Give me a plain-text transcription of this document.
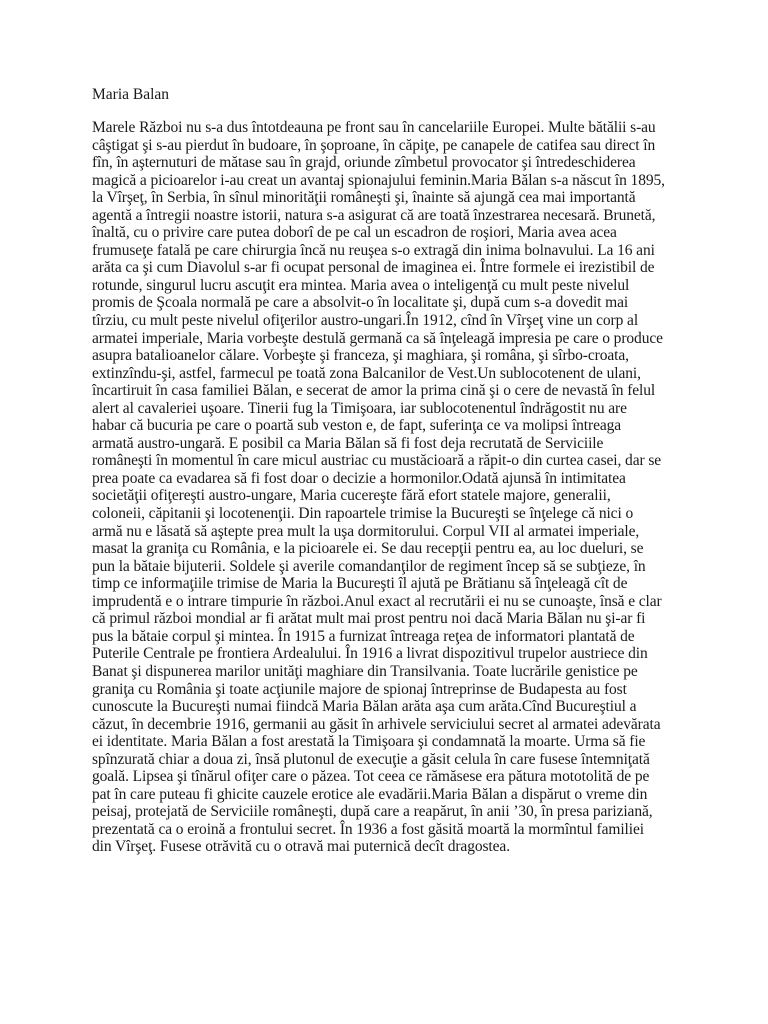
Maria Balan
Marele Război nu s-a dus întotdeauna pe front sau în cancelariile Europei. Multe bătălii s-au
câştigat şi s-au pierdut în budoare, în şoproane, în căpiţe, pe canapele de catifea sau direct în
fîn, în aşternuturi de mătase sau în grajd, oriunde zîmbetul provocator şi întredeschiderea
magică a picioarelor i-au creat un avantaj spionajului feminin.Maria Bălan s-a născut în 1895,
la Vîrşeţ, în Serbia, în sînul minorităţii româneşti şi, înainte să ajungă cea mai importantă
agentă a întregii noastre istorii, natura s-a asigurat că are toată înzestrarea necesară. Brunetă,
înaltă, cu o privire care putea doborî de pe cal un escadron de roşiori, Maria avea acea
frumuseţe fatală pe care chirurgia încă nu reuşea s-o extragă din inima bolnavului. La 16 ani
arăta ca şi cum Diavolul s-ar fi ocupat personal de imaginea ei. Între formele ei irezistibil de
rotunde, singurul lucru ascuţit era mintea. Maria avea o inteligenţă cu mult peste nivelul
promis de Şcoala normală pe care a absolvit-o în localitate şi, după cum s-a dovedit mai
tîrziu, cu mult peste nivelul ofiţerilor austro-ungari.În 1912, cînd în Vîrşeţ vine un corp al
armatei imperiale, Maria vorbeşte destulă germană ca să înţeleagă impresia pe care o produce
asupra batalioanelor călare. Vorbeşte şi franceza, şi maghiara, şi româna, şi sîrbo-croata,
extinzîndu-şi, astfel, farmecul pe toată zona Balcanilor de Vest.Un sublocotenent de ulani,
încartiruit în casa familiei Bălan, e secerat de amor la prima cină şi o cere de nevastă în felul
alert al cavaleriei uşoare. Tinerii fug la Timişoara, iar sublocotenentul îndrăgostit nu are
habar că bucuria pe care o poartă sub veston e, de fapt, suferinţa ce va molipsi întreaga
armată austro-ungară. E posibil ca Maria Bălan să fi fost deja recrutată de Serviciile
româneşti în momentul în care micul austriac cu mustăcioară a răpit-o din curtea casei, dar se
prea poate ca evadarea să fi fost doar o decizie a hormonilor.Odată ajunsă în intimitatea
societăţii ofiţereşti austro-ungare, Maria cucereşte fără efort statele majore, generalii,
coloneii, căpitanii şi locotenenţii. Din rapoartele trimise la Bucureşti se înţelege că nici o
armă nu e lăsată să aştepte prea mult la uşa dormitorului. Corpul VII al armatei imperiale,
masat la graniţa cu România, e la picioarele ei. Se dau recepţii pentru ea, au loc dueluri, se
pun la bătaie bijuterii. Soldele şi averile comandanţilor de regiment încep să se subţieze, în
timp ce informaţiile trimise de Maria la Bucureşti îl ajută pe Brătianu să înţeleagă cît de
imprudentă e o intrare timpurie în război.Anul exact al recrutării ei nu se cunoaşte, însă e clar
că primul război mondial ar fi arătat mult mai prost pentru noi dacă Maria Bălan nu şi-ar fi
pus la bătaie corpul şi mintea. În 1915 a furnizat întreaga reţea de informatori plantată de
Puterile Centrale pe frontiera Ardealului. În 1916 a livrat dispozitivul trupelor austriece din
Banat şi dispunerea marilor unităţi maghiare din Transilvania. Toate lucrările genistice pe
graniţa cu România şi toate acţiunile majore de spionaj întreprinse de Budapesta au fost
cunoscute la Bucureşti numai fiindcă Maria Bălan arăta aşa cum arăta.Cînd Bucureştiul a
căzut, în decembrie 1916, germanii au găsit în arhivele serviciului secret al armatei adevărata
ei identitate. Maria Bălan a fost arestată la Timişoara şi condamnată la moarte. Urma să fie
spînzurată chiar a doua zi, însă plutonul de execuţie a găsit celula în care fusese întemniţată
goală. Lipsea şi tînărul ofiţer care o păzea. Tot ceea ce rămăsese era pătura mototolită de pe
pat în care puteau fi ghicite cauzele erotice ale evadării.Maria Bălan a dispărut o vreme din
peisaj, protejată de Serviciile româneşti, după care a reapărut, în anii ’30, în presa pariziană,
prezentată ca o eroină a frontului secret. În 1936 a fost găsită moartă la mormîntul familiei
din Vîrşeţ. Fusese otrăvită cu o otravă mai puternică decît dragostea.
